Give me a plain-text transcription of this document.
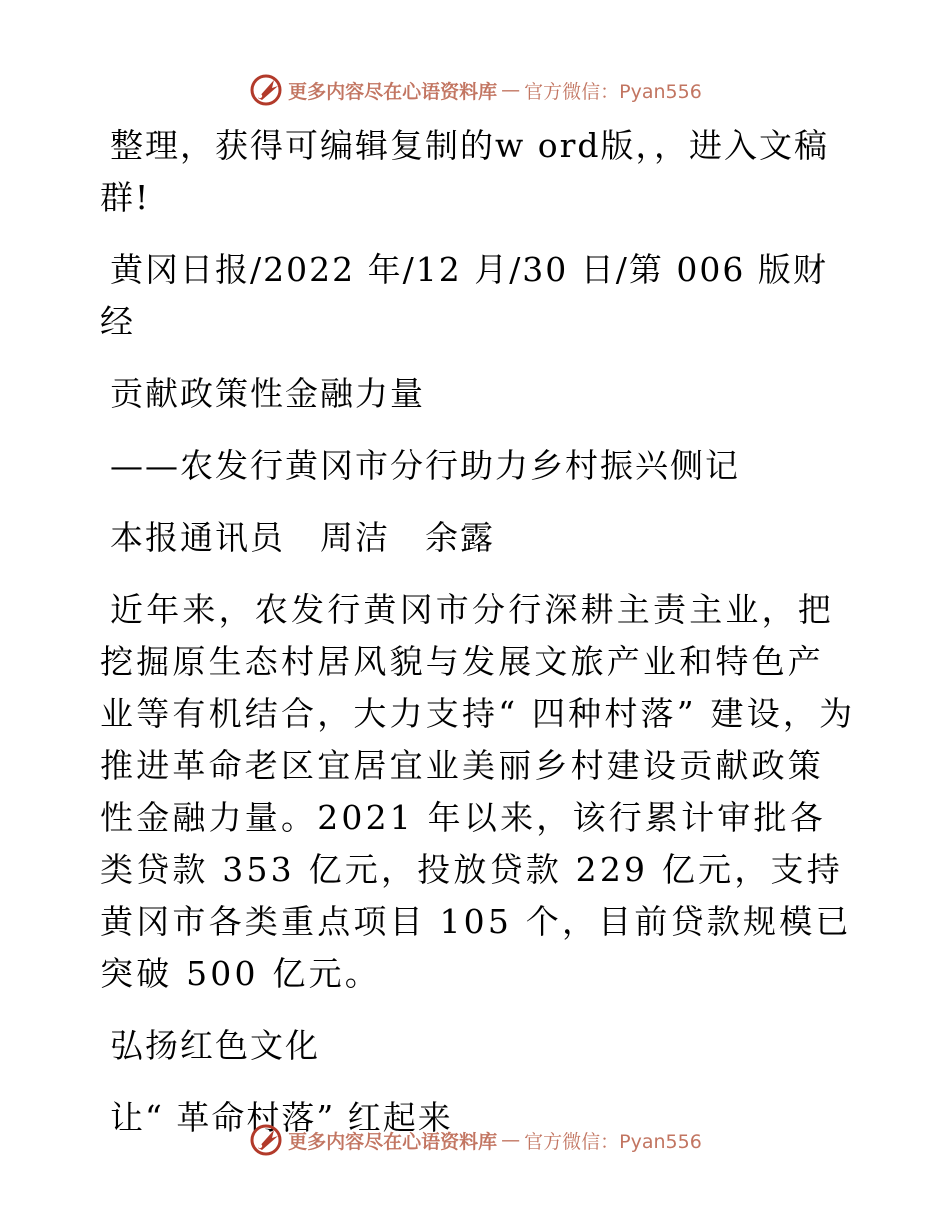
更多内容尽在心语资料库 — 官方微信：Pyan556

整理，获得可编辑复制的w ord版，，进入文稿群!

黄冈日报/2022 年/12 月/30 日/第 006 版财经

贡献政策性金融力量

——农发行黄冈市分行助力乡村振兴侧记

本报通讯员　周洁　余露

近年来，农发行黄冈市分行深耕主责主业，把挖掘原生态村居风貌与发展文旅产业和特色产业等有机结合，大力支持“ 四种村落” 建设，为推进革命老区宜居宜业美丽乡村建设贡献政策性金融力量。2021 年以来，该行累计审批各类贷款 353 亿元，投放贷款 229 亿元，支持黄冈市各类重点项目 105 个，目前贷款规模已突破 500 亿元。

弘扬红色文化

让“ 革命村落” 红起来

更多内容尽在心语资料库 — 官方微信：Pyan556
